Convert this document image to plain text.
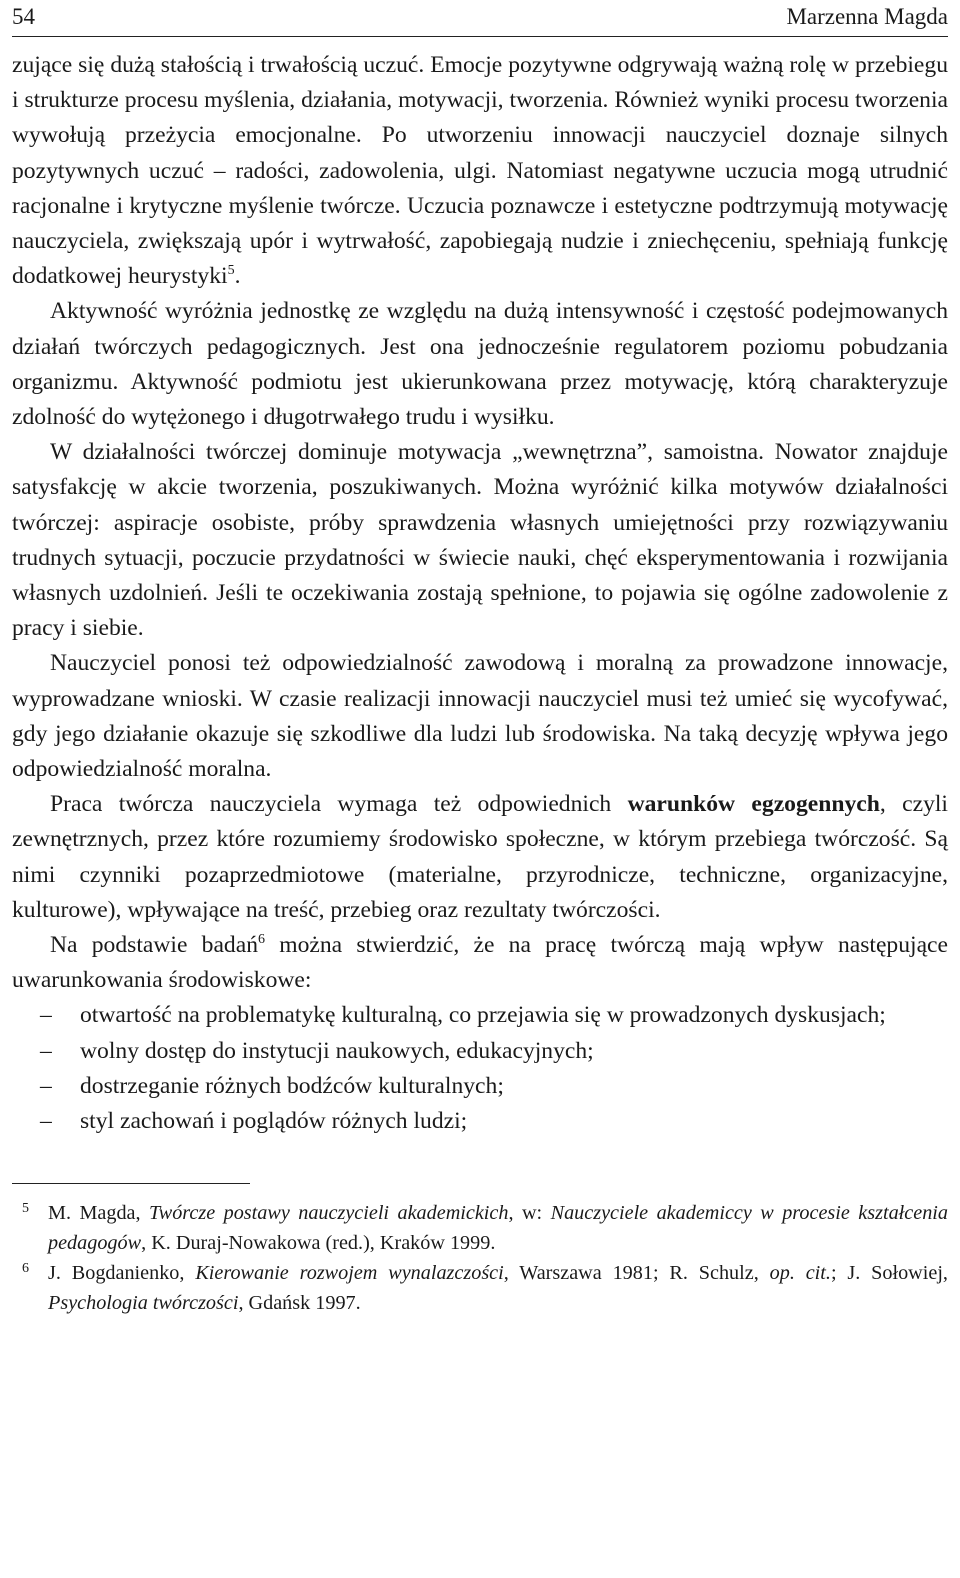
54	Marzenna Magda

zujące się dużą stałością i trwałością uczuć. Emocje pozytywne odgrywają ważną rolę w przebiegu i strukturze procesu myślenia, działania, motywacji, tworzenia. Również wyniki procesu tworzenia wywołują przeżycia emocjonalne. Po utworzeniu innowacji nauczyciel doznaje silnych pozytywnych uczuć – radości, zadowolenia, ulgi. Natomiast negatywne uczucia mogą utrudnić racjonalne i krytyczne myślenie twórcze. Uczucia poznawcze i estetyczne podtrzymują motywację nauczyciela, zwiększają upór i wytrwałość, zapobiegają nudzie i zniechęceniu, spełniają funkcję dodatkowej heurystyki$^5$.

Aktywność wyróżnia jednostkę ze względu na dużą intensywność i częstość podejmowanych działań twórczych pedagogicznych. Jest ona jednocześnie regulatorem poziomu pobudzania organizmu. Aktywność podmiotu jest ukierunkowana przez motywację, którą charakteryzuje zdolność do wytężonego i długotrwałego trudu i wysiłku.

W działalności twórczej dominuje motywacja „wewnętrzna”, samoistna. Nowator znajduje satysfakcję w akcie tworzenia, poszukiwanych. Można wyróżnić kilka motywów działalności twórczej: aspiracje osobiste, próby sprawdzenia własnych umiejętności przy rozwiązywaniu trudnych sytuacji, poczucie przydatności w świecie nauki, chęć eksperymentowania i rozwijania własnych uzdolnień. Jeśli te oczekiwania zostają spełnione, to pojawia się ogólne zadowolenie z pracy i siebie.

Nauczyciel ponosi też odpowiedzialność zawodową i moralną za prowadzone innowacje, wyprowadzane wnioski. W czasie realizacji innowacji nauczyciel musi też umieć się wycofywać, gdy jego działanie okazuje się szkodliwe dla ludzi lub środowiska. Na taką decyzję wpływa jego odpowiedzialność moralna.

Praca twórcza nauczyciela wymaga też odpowiednich warunków egzogennych, czyli zewnętrznych, przez które rozumiemy środowisko społeczne, w którym przebiega twórczość. Są nimi czynniki pozaprzedmiotowe (materialne, przyrodnicze, techniczne, organizacyjne, kulturowe), wpływające na treść, przebieg oraz rezultaty twórczości.

Na podstawie badań$^6$ można stwierdzić, że na pracę twórczą mają wpływ następujące uwarunkowania środowiskowe:

– otwartość na problematykę kulturalną, co przejawia się w prowadzonych dyskusjach;
– wolny dostęp do instytucji naukowych, edukacyjnych;
– dostrzeganie różnych bodźców kulturalnych;
– styl zachowań i poglądów różnych ludzi;
5 M. Magda, Twórcze postawy nauczycieli akademickich, w: Nauczyciele akademiccy w procesie kształcenia pedagogów, K. Duraj-Nowakowa (red.), Kraków 1999.
6 J. Bogdanienko, Kierowanie rozwojem wynalazczości, Warszawa 1981; R. Schulz, op. cit.; J. Sołowiej, Psychologia twórczości, Gdańsk 1997.
